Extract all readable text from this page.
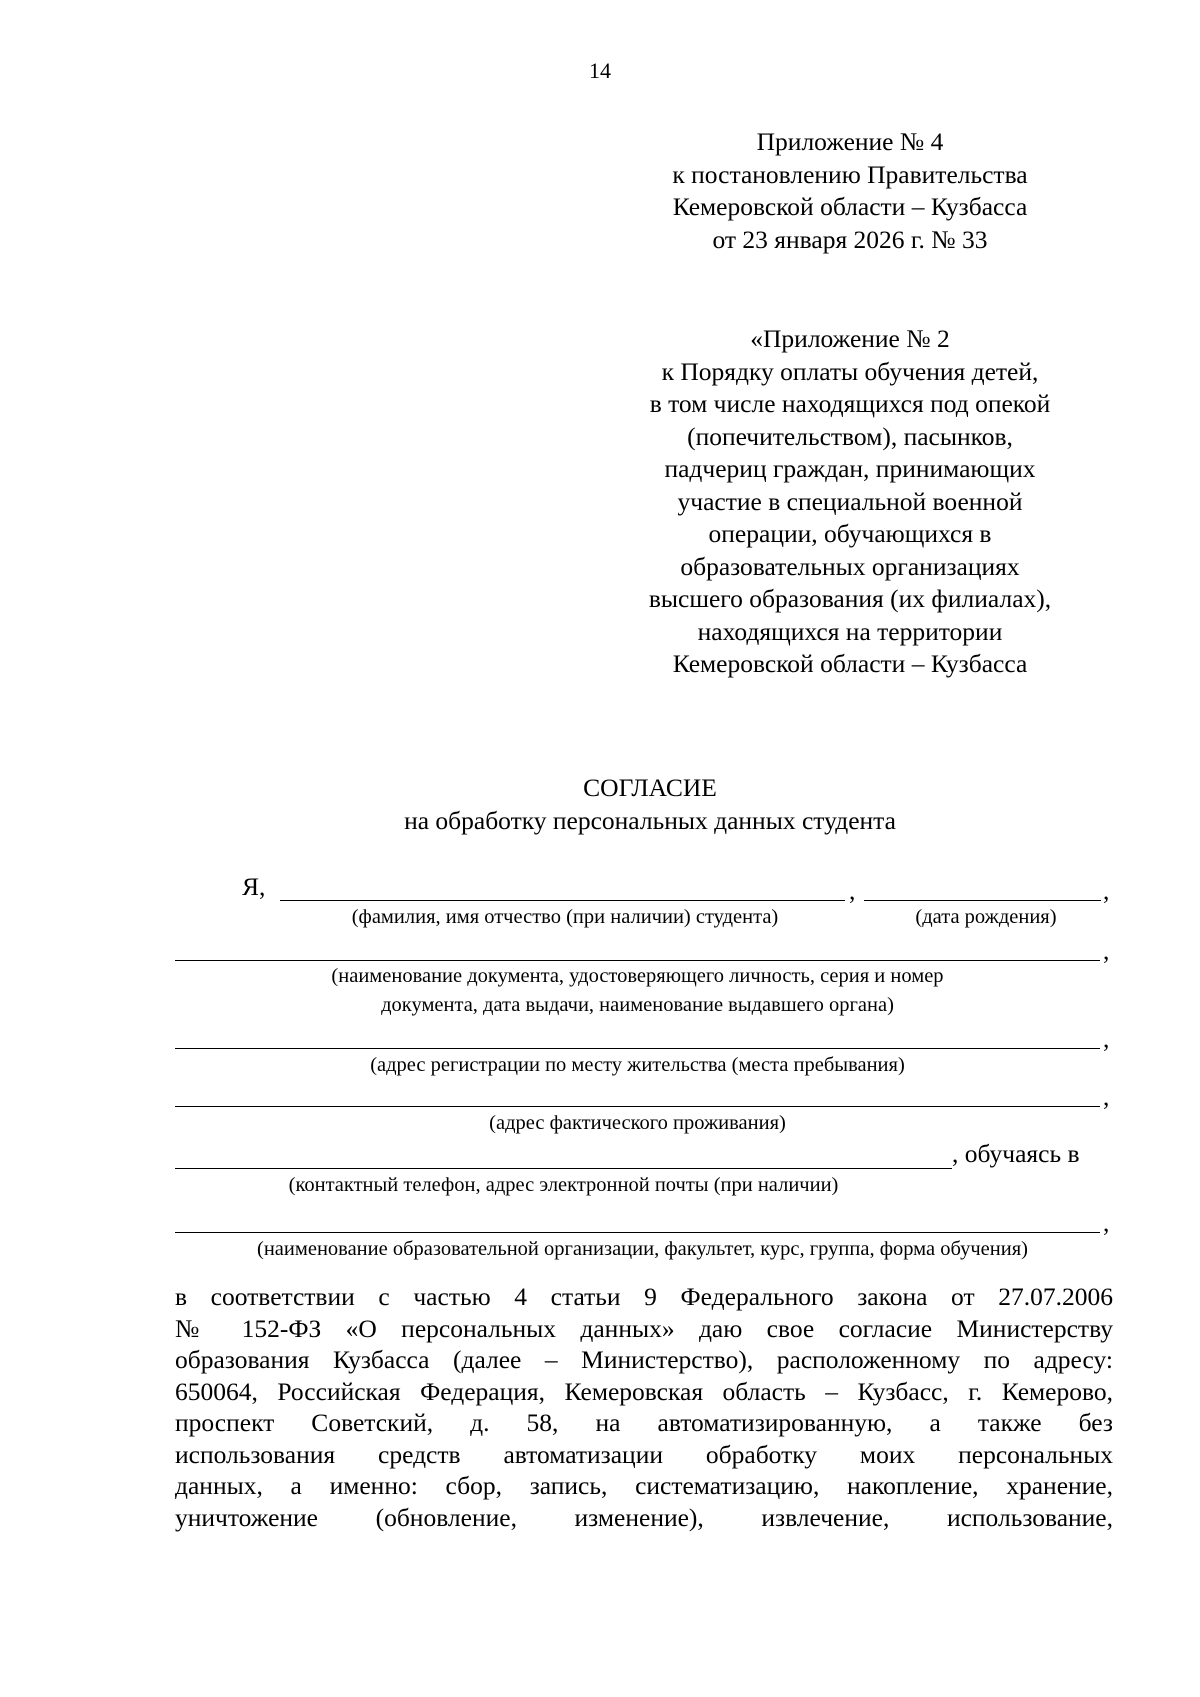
14
Приложение № 4
к постановлению Правительства
Кемеровской области – Кузбасса
от 23 января 2026 г. № 33
«Приложение № 2
к Порядку оплаты обучения детей,
в том числе находящихся под опекой
(попечительством), пасынков,
падчериц граждан, принимающих
участие в специальной военной
операции, обучающихся в
образовательных организациях
высшего образования (их филиалах),
находящихся на территории
Кемеровской области – Кузбасса
СОГЛАСИЕ
на обработку персональных данных студента
Я,	,	,
(фамилия, имя отчество (при наличии) студента)	(дата рождения)
,
(наименование документа, удостоверяющего личность, серия и номер
документа, дата выдачи, наименование выдавшего органа)
,
(адрес регистрации по месту жительства (места пребывания)
,
(адрес фактического проживания)
, обучаясь в
(контактный телефон, адрес электронной почты (при наличии)
,
(наименование образовательной организации, факультет, курс, группа, форма обучения)
в соответствии с частью 4 статьи 9 Федерального закона от 27.07.2006
№ 152-ФЗ «О персональных данных» даю свое согласие Министерству
образования Кузбасса (далее – Министерство), расположенному по адресу:
650064, Российская Федерация, Кемеровская область – Кузбасс, г. Кемерово,
проспект Советский, д. 58, на автоматизированную, а также без
использования средств автоматизации обработку моих персональных
данных, а именно: сбор, запись, систематизацию, накопление, хранение,
уничтожение (обновление, изменение), извлечение, использование,
